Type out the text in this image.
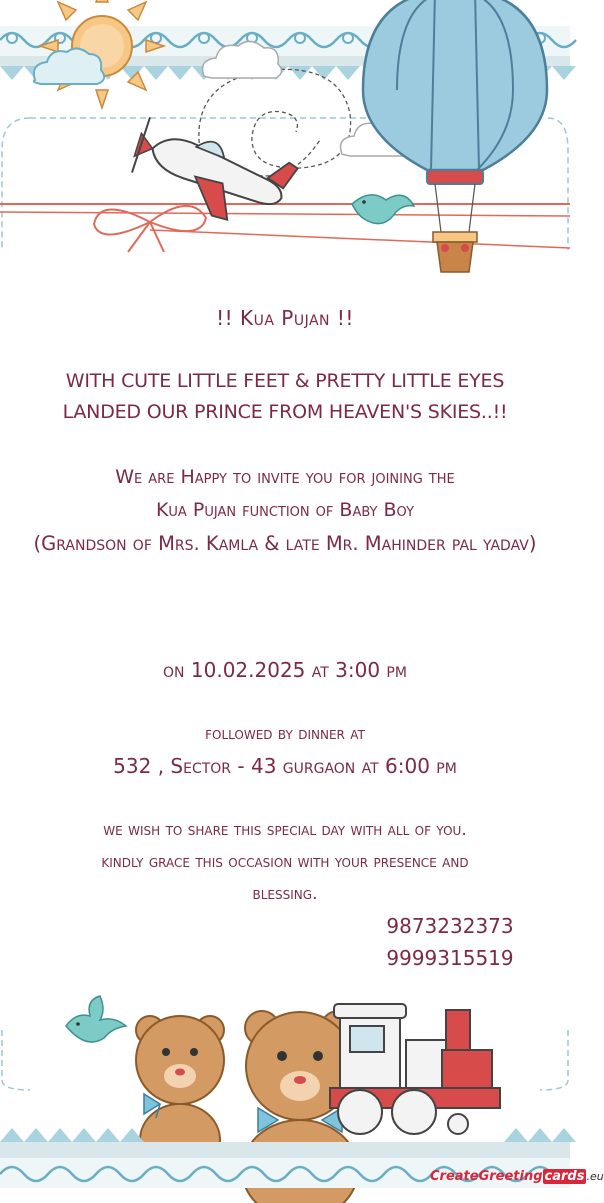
!! Kua Pujan !!
WITH CUTE LITTLE FEET & PRETTY LITTLE EYES
LANDED OUR PRINCE FROM HEAVEN'S SKIES..!!
We are Happy to invite you for joining the
Kua Pujan function of Baby Boy
(Grandson of Mrs. Kamla & late Mr. Mahinder pal yadav)
on 10.02.2025 at 3:00 pm
followed by dinner at
532 , Sector - 43 gurgaon at 6:00 pm
we wish to share this special day with all of you.
kindly grace this occasion with your presence and
blessing.
9873232373
9999315519
CreateGreeting cards .eu
